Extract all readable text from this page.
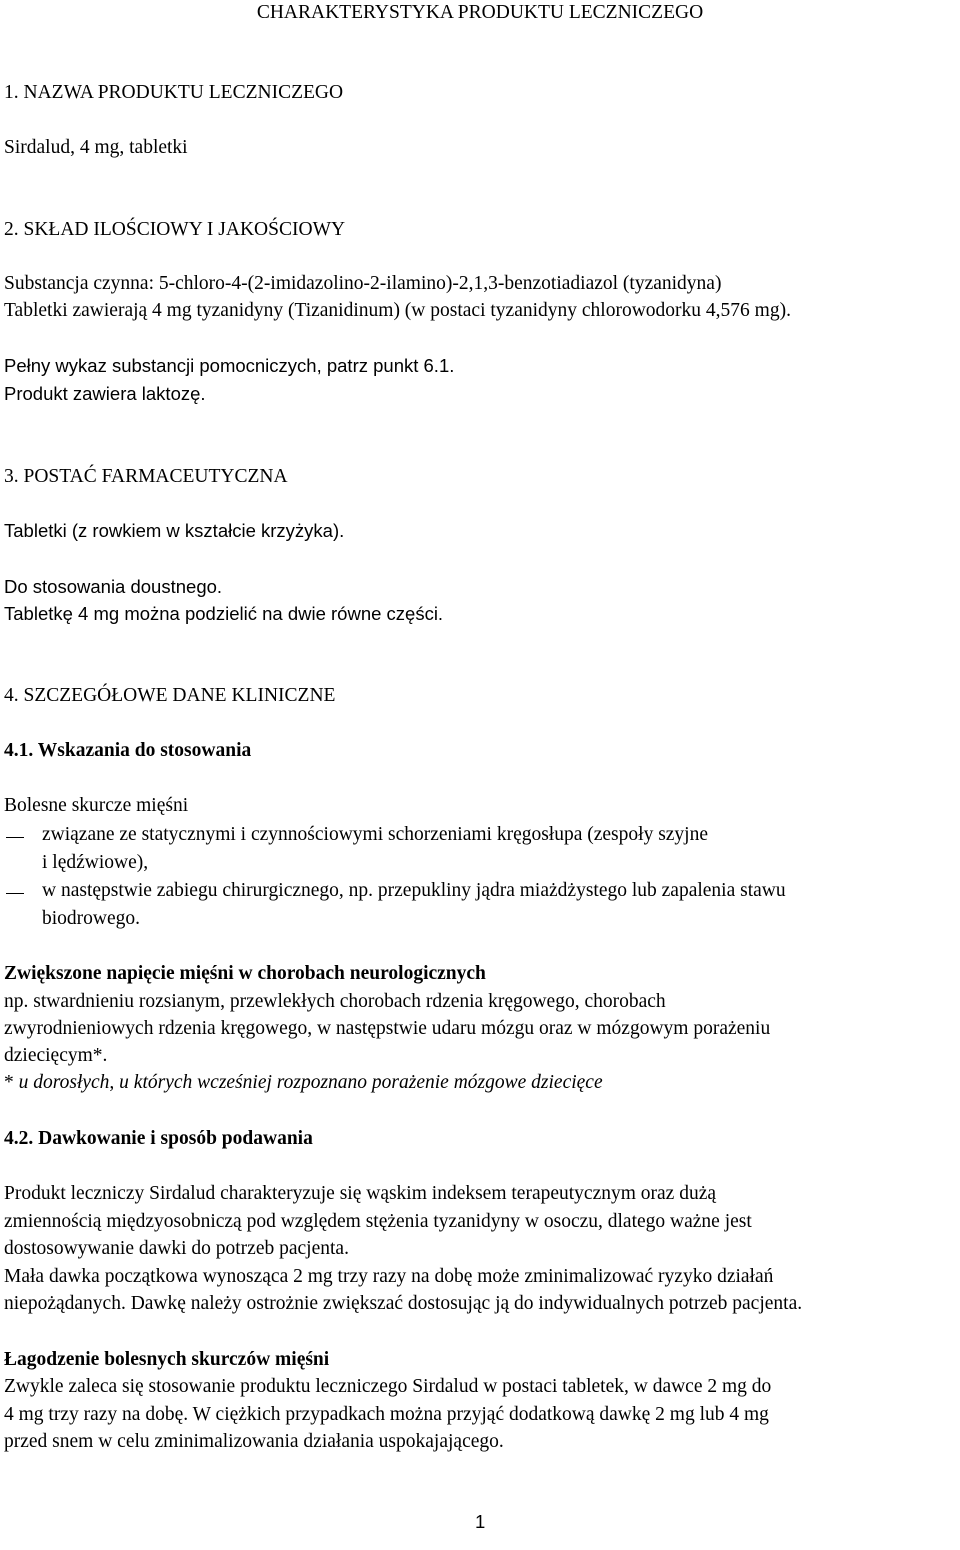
CHARAKTERYSTYKA PRODUKTU LECZNICZEGO
1. NAZWA PRODUKTU LECZNICZEGO
Sirdalud, 4 mg, tabletki
2. SKŁAD ILOŚCIOWY I JAKOŚCIOWY
Substancja czynna: 5-chloro-4-(2-imidazolino-2-ilamino)-2,1,3-benzotiadiazol (tyzanidyna)
Tabletki zawierają 4 mg tyzanidyny (Tizanidinum) (w postaci tyzanidyny chlorowodorku 4,576 mg).
Pełny wykaz substancji pomocniczych, patrz punkt 6.1.
Produkt zawiera laktozę.
3. POSTAĆ FARMACEUTYCZNA
Tabletki (z rowkiem w kształcie krzyżyka).
Do stosowania doustnego.
Tabletkę 4 mg można podzielić na dwie równe części.
4. SZCZEGÓŁOWE DANE KLINICZNE
4.1. Wskazania do stosowania
Bolesne skurcze mięśni
związane ze statycznymi i czynnościowymi schorzeniami kręgosłupa (zespoły szyjne
i lędźwiowe),
w następstwie zabiegu chirurgicznego, np. przepukliny jądra miażdżystego lub zapalenia stawu
biodrowego.
Zwiększone napięcie mięśni w chorobach neurologicznych
np. stwardnieniu rozsianym, przewlekłych chorobach rdzenia kręgowego, chorobach
zwyrodnieniowych rdzenia kręgowego, w następstwie udaru mózgu oraz w mózgowym porażeniu
dziecięcym*.
* u dorosłych, u których wcześniej rozpoznano porażenie mózgowe dziecięce
4.2. Dawkowanie i sposób podawania
Produkt leczniczy Sirdalud charakteryzuje się wąskim indeksem terapeutycznym oraz dużą
zmiennością międzyosobniczą pod względem stężenia tyzanidyny w osoczu, dlatego ważne jest
dostosowywanie dawki do potrzeb pacjenta.
Mała dawka początkowa wynosząca 2 mg trzy razy na dobę może zminimalizować ryzyko działań
niepożądanych. Dawkę należy ostrożnie zwiększać dostosując ją do indywidualnych potrzeb pacjenta.
Łagodzenie bolesnych skurczów mięśni
Zwykle zaleca się stosowanie produktu leczniczego Sirdalud w postaci tabletek, w dawce 2 mg do
4 mg trzy razy na dobę. W ciężkich przypadkach można przyjąć dodatkową dawkę 2 mg lub 4 mg
przed snem w celu zminimalizowania działania uspokajającego.
1
